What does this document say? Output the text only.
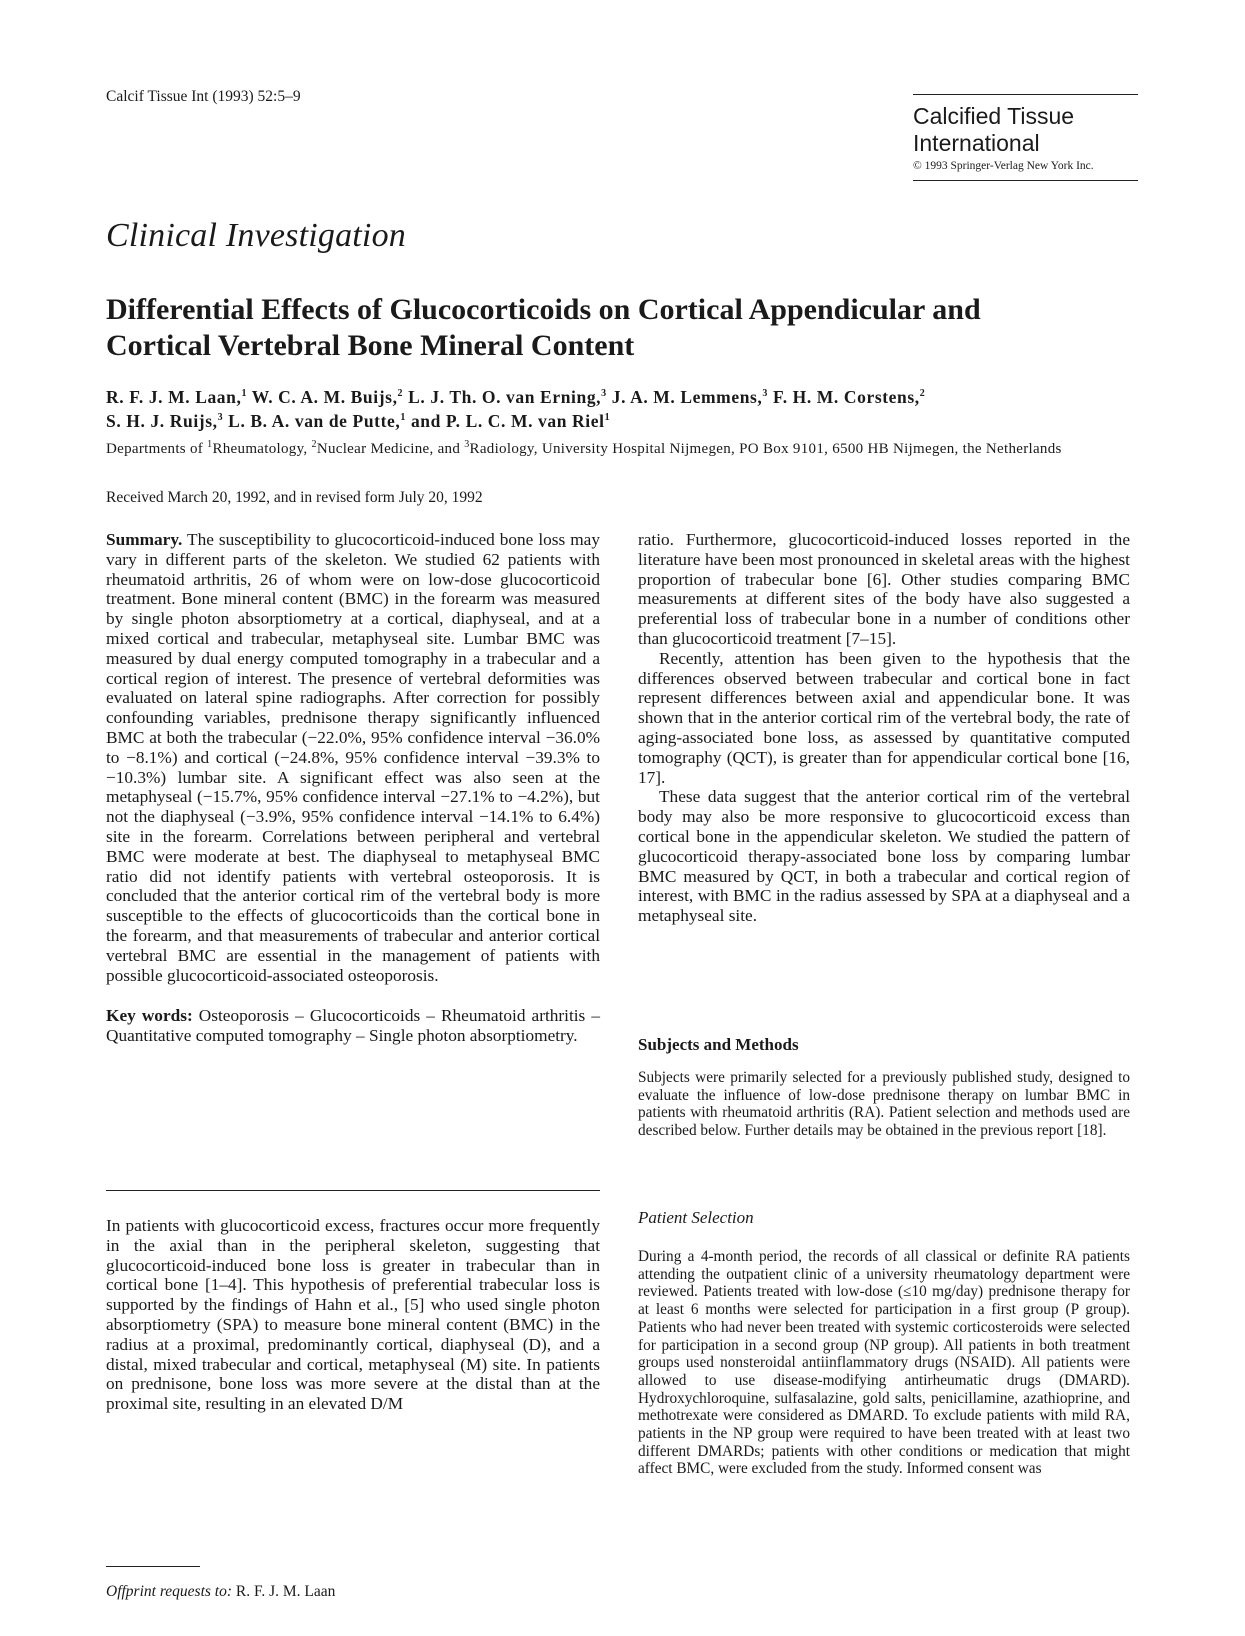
Calcif Tissue Int (1993) 52:5–9
Calcified Tissue
International
© 1993 Springer-Verlag New York Inc.
Clinical Investigation
Differential Effects of Glucocorticoids on Cortical Appendicular and
Cortical Vertebral Bone Mineral Content
R. F. J. M. Laan,$^1$ W. C. A. M. Buijs,$^2$ L. J. Th. O. van Erning,$^3$ J. A. M. Lemmens,$^3$ F. H. M. Corstens,$^2$
S. H. J. Ruijs,$^3$ L. B. A. van de Putte,$^1$ and P. L. C. M. van Riel$^1$
Departments of $^1$Rheumatology, $^2$Nuclear Medicine, and $^3$Radiology, University Hospital Nijmegen, PO Box 9101, 6500 HB Nijmegen, the Netherlands
Received March 20, 1992, and in revised form July 20, 1992

Summary. The susceptibility to glucocorticoid-induced bone loss may vary in different parts of the skeleton. We studied 62 patients with rheumatoid arthritis, 26 of whom were on low-dose glucocorticoid treatment. Bone mineral content (BMC) in the forearm was measured by single photon absorptiometry at a cortical, diaphyseal, and at a mixed cortical and trabecular, metaphyseal site. Lumbar BMC was measured by dual energy computed tomography in a trabecular and a cortical region of interest. The presence of vertebral deformities was evaluated on lateral spine radiographs. After correction for possibly confounding variables, prednisone therapy significantly influenced BMC at both the trabecular (−22.0%, 95% confidence interval −36.0% to −8.1%) and cortical (−24.8%, 95% confidence interval −39.3% to −10.3%) lumbar site. A significant effect was also seen at the metaphyseal (−15.7%, 95% confidence interval −27.1% to −4.2%), but not the diaphyseal (−3.9%, 95% confidence interval −14.1% to 6.4%) site in the forearm. Correlations between peripheral and vertebral BMC were moderate at best. The diaphyseal to metaphyseal BMC ratio did not identify patients with vertebral osteoporosis. It is concluded that the anterior cortical rim of the vertebral body is more susceptible to the effects of glucocorticoids than the cortical bone in the forearm, and that measurements of trabecular and anterior cortical vertebral BMC are essential in the management of patients with possible glucocorticoid-associated osteoporosis.

Key words: Osteoporosis – Glucocorticoids – Rheumatoid arthritis – Quantitative computed tomography – Single photon absorptiometry.

In patients with glucocorticoid excess, fractures occur more frequently in the axial than in the peripheral skeleton, suggesting that glucocorticoid-induced bone loss is greater in trabecular than in cortical bone [1–4]. This hypothesis of preferential trabecular loss is supported by the findings of Hahn et al., [5] who used single photon absorptiometry (SPA) to measure bone mineral content (BMC) in the radius at a proximal, predominantly cortical, diaphyseal (D), and a distal, mixed trabecular and cortical, metaphyseal (M) site. In patients on prednisone, bone loss was more severe at the distal than at the proximal site, resulting in an elevated D/M

Offprint requests to: R. F. J. M. Laan

ratio. Furthermore, glucocorticoid-induced losses reported in the literature have been most pronounced in skeletal areas with the highest proportion of trabecular bone [6]. Other studies comparing BMC measurements at different sites of the body have also suggested a preferential loss of trabecular bone in a number of conditions other than glucocorticoid treatment [7–15].

Recently, attention has been given to the hypothesis that the differences observed between trabecular and cortical bone in fact represent differences between axial and appendicular bone. It was shown that in the anterior cortical rim of the vertebral body, the rate of aging-associated bone loss, as assessed by quantitative computed tomography (QCT), is greater than for appendicular cortical bone [16, 17].

These data suggest that the anterior cortical rim of the vertebral body may also be more responsive to glucocorticoid excess than cortical bone in the appendicular skeleton. We studied the pattern of glucocorticoid therapy-associated bone loss by comparing lumbar BMC measured by QCT, in both a trabecular and cortical region of interest, with BMC in the radius assessed by SPA at a diaphyseal and a metaphyseal site.

Subjects and Methods

Subjects were primarily selected for a previously published study, designed to evaluate the influence of low-dose prednisone therapy on lumbar BMC in patients with rheumatoid arthritis (RA). Patient selection and methods used are described below. Further details may be obtained in the previous report [18].

Patient Selection

During a 4-month period, the records of all classical or definite RA patients attending the outpatient clinic of a university rheumatology department were reviewed. Patients treated with low-dose (≤10 mg/day) prednisone therapy for at least 6 months were selected for participation in a first group (P group). Patients who had never been treated with systemic corticosteroids were selected for participation in a second group (NP group). All patients in both treatment groups used nonsteroidal antiinflammatory drugs (NSAID). All patients were allowed to use disease-modifying antirheumatic drugs (DMARD). Hydroxychloroquine, sulfasalazine, gold salts, penicillamine, azathioprine, and methotrexate were considered as DMARD. To exclude patients with mild RA, patients in the NP group were required to have been treated with at least two different DMARDs; patients with other conditions or medication that might affect BMC, were excluded from the study. Informed consent was
